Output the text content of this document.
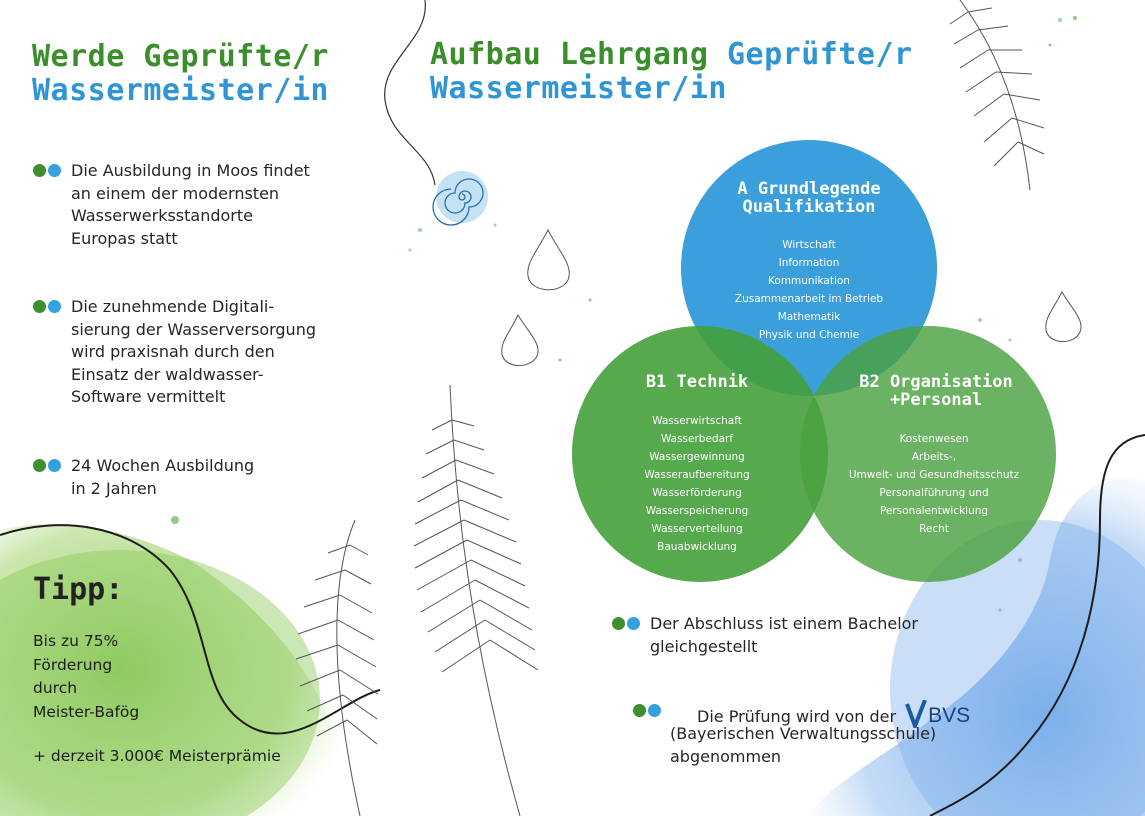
Werde Geprüfte/r
Wassermeister/in
Die Ausbildung in Moos findet
an einem der modernsten
Wasserwerksstandorte
Europas statt
Die zunehmende Digitali-
sierung der Wasserversorgung
wird praxisnah durch den
Einsatz der waldwasser-
Software vermittelt
24 Wochen Ausbildung
in 2 Jahren
Tipp:
Bis zu 75%
Förderung
durch
Meister-Bafög
+ derzeit 3.000€ Meisterprämie
Aufbau Lehrgang Geprüfte/r
Wassermeister/in
A Grundlegende
Qualifikation
Wirtschaft
Information
Kommunikation
Zusammenarbeit im Betrieb
Mathematik
Physik und Chemie
B1 Technik
Wasserwirtschaft
Wasserbedarf
Wassergewinnung
Wasseraufbereitung
Wasserförderung
Wasserspeicherung
Wasserverteilung
Bauabwicklung
B2 Organisation
+Personal
Kostenwesen
Arbeits-,
Umwelt- und Gesundheitsschutz
Personalführung und
Personalentwicklung
Recht
Der Abschluss ist einem Bachelor
gleichgestellt
Die Prüfung wird von der BVS
(Bayerischen Verwaltungsschule)
abgenommen
